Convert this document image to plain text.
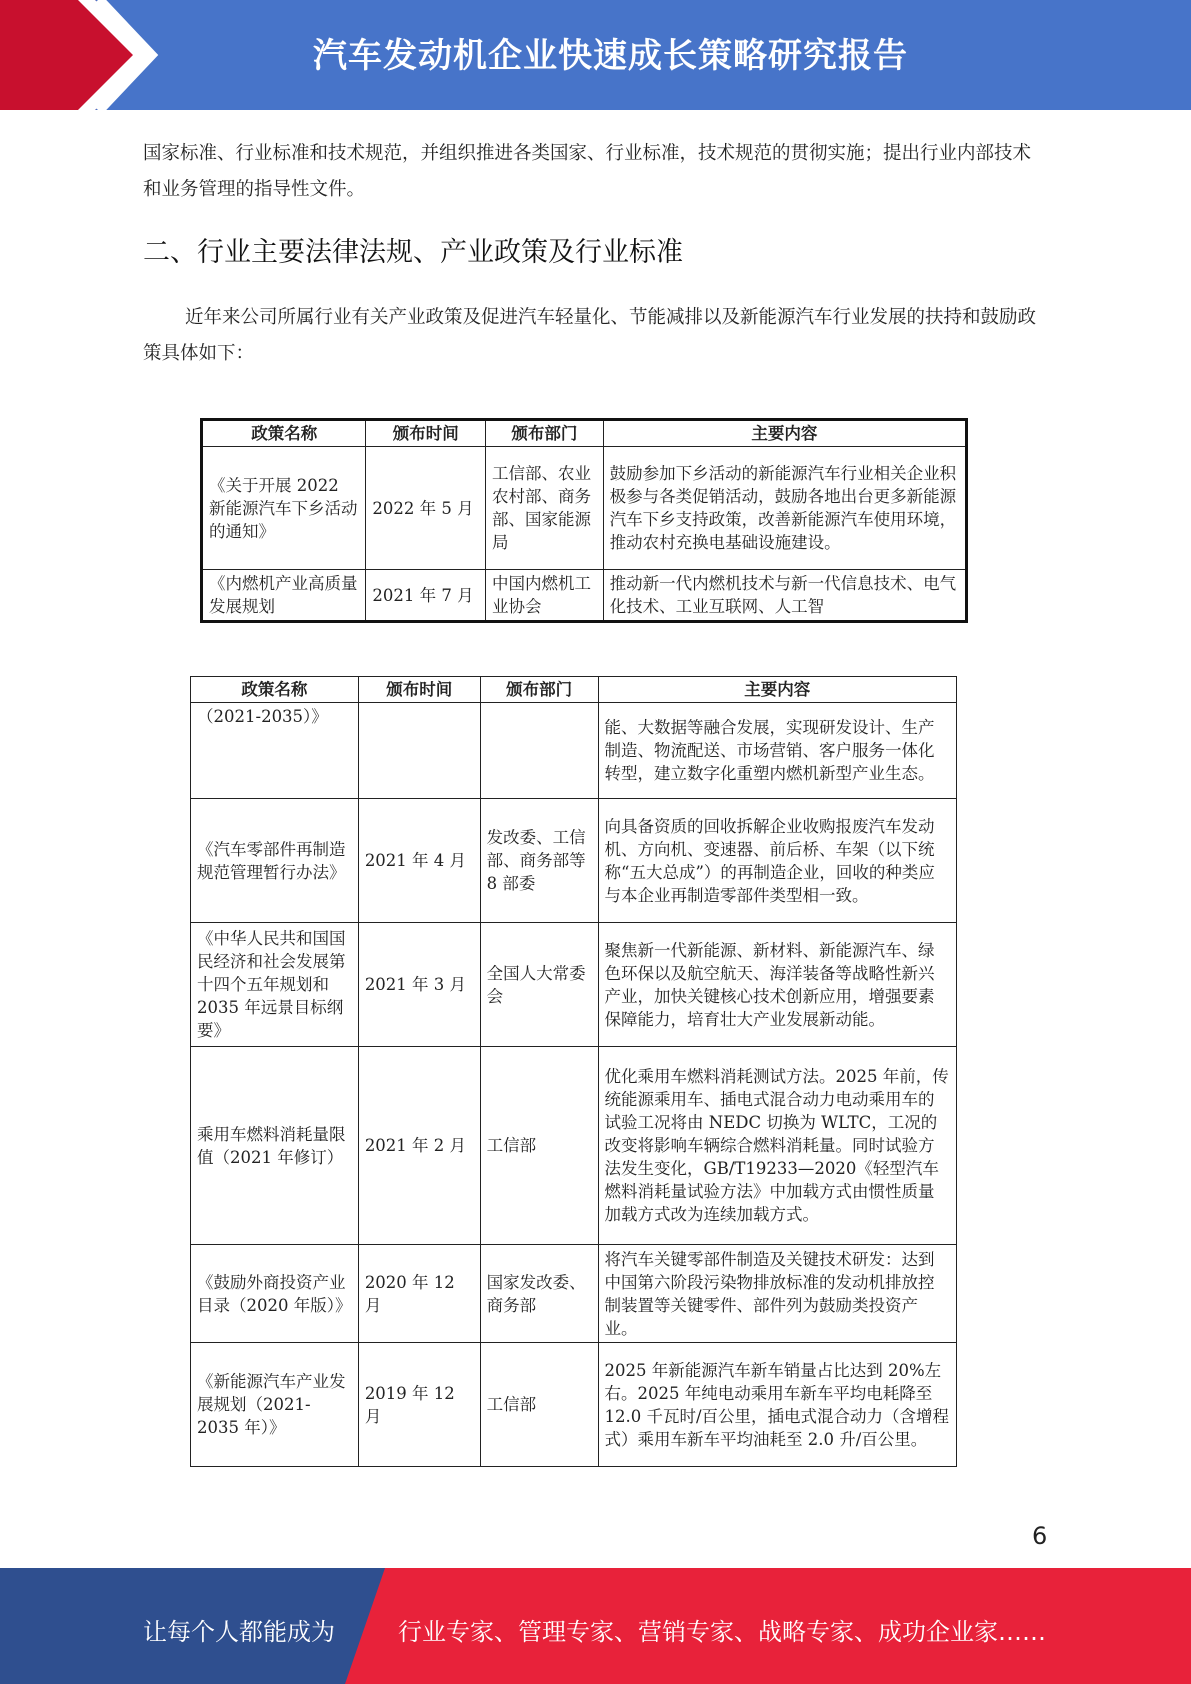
汽车发动机企业快速成长策略研究报告
国家标准、行业标准和技术规范，并组织推进各类国家、行业标准，技术规范的贯彻实施；提出行业内部技术和业务管理的指导性文件。
二、行业主要法律法规、产业政策及行业标准
近年来公司所属行业有关产业政策及促进汽车轻量化、节能减排以及新能源汽车行业发展的扶持和鼓励政策具体如下：
政策名称	颁布时间	颁布部门	主要内容
《关于开展 2022 新能源汽车下乡活动的通知》	2022 年 5 月	工信部、农业农村部、商务部、国家能源局	鼓励参加下乡活动的新能源汽车行业相关企业积极参与各类促销活动，鼓励各地出台更多新能源汽车下乡支持政策，改善新能源汽车使用环境，推动农村充换电基础设施建设。
《内燃机产业高质量发展规划	2021 年 7 月	中国内燃机工业协会	推动新一代内燃机技术与新一代信息技术、电气化技术、工业互联网、人工智
政策名称	颁布时间	颁布部门	主要内容
（2021-2035）》			能、大数据等融合发展，实现研发设计、生产制造、物流配送、市场营销、客户服务一体化转型，建立数字化重塑内燃机新型产业生态。
《汽车零部件再制造规范管理暂行办法》	2021 年 4 月	发改委、工信部、商务部等 8 部委	向具备资质的回收拆解企业收购报废汽车发动机、方向机、变速器、前后桥、车架（以下统称“五大总成”）的再制造企业，回收的种类应与本企业再制造零部件类型相一致。
《中华人民共和国国民经济和社会发展第十四个五年规划和 2035 年远景目标纲要》	2021 年 3 月	全国人大常委会	聚焦新一代新能源、新材料、新能源汽车、绿色环保以及航空航天、海洋装备等战略性新兴产业，加快关键核心技术创新应用，增强要素保障能力，培育壮大产业发展新动能。
乘用车燃料消耗量限值（2021 年修订）	2021 年 2 月	工信部	优化乘用车燃料消耗测试方法。2025 年前，传统能源乘用车、插电式混合动力电动乘用车的试验工况将由 NEDC 切换为 WLTC，工况的改变将影响车辆综合燃料消耗量。同时试验方法发生变化，GB/T19233—2020《轻型汽车燃料消耗量试验方法》中加载方式由惯性质量加载方式改为连续加载方式。
《鼓励外商投资产业目录（2020 年版）》	2020 年 12 月	国家发改委、商务部	将汽车关键零部件制造及关键技术研发：达到中国第六阶段污染物排放标准的发动机排放控制装置等关键零件、部件列为鼓励类投资产业。
《新能源汽车产业发展规划（2021-2035 年）》	2019 年 12 月	工信部	2025 年新能源汽车新车销量占比达到 20%左右。2025 年纯电动乘用车新车平均电耗降至 12.0 千瓦时/百公里，插电式混合动力（含增程式）乘用车新车平均油耗至 2.0 升/百公里。
6
让每个人都能成为	行业专家、管理专家、营销专家、战略专家、成功企业家……
